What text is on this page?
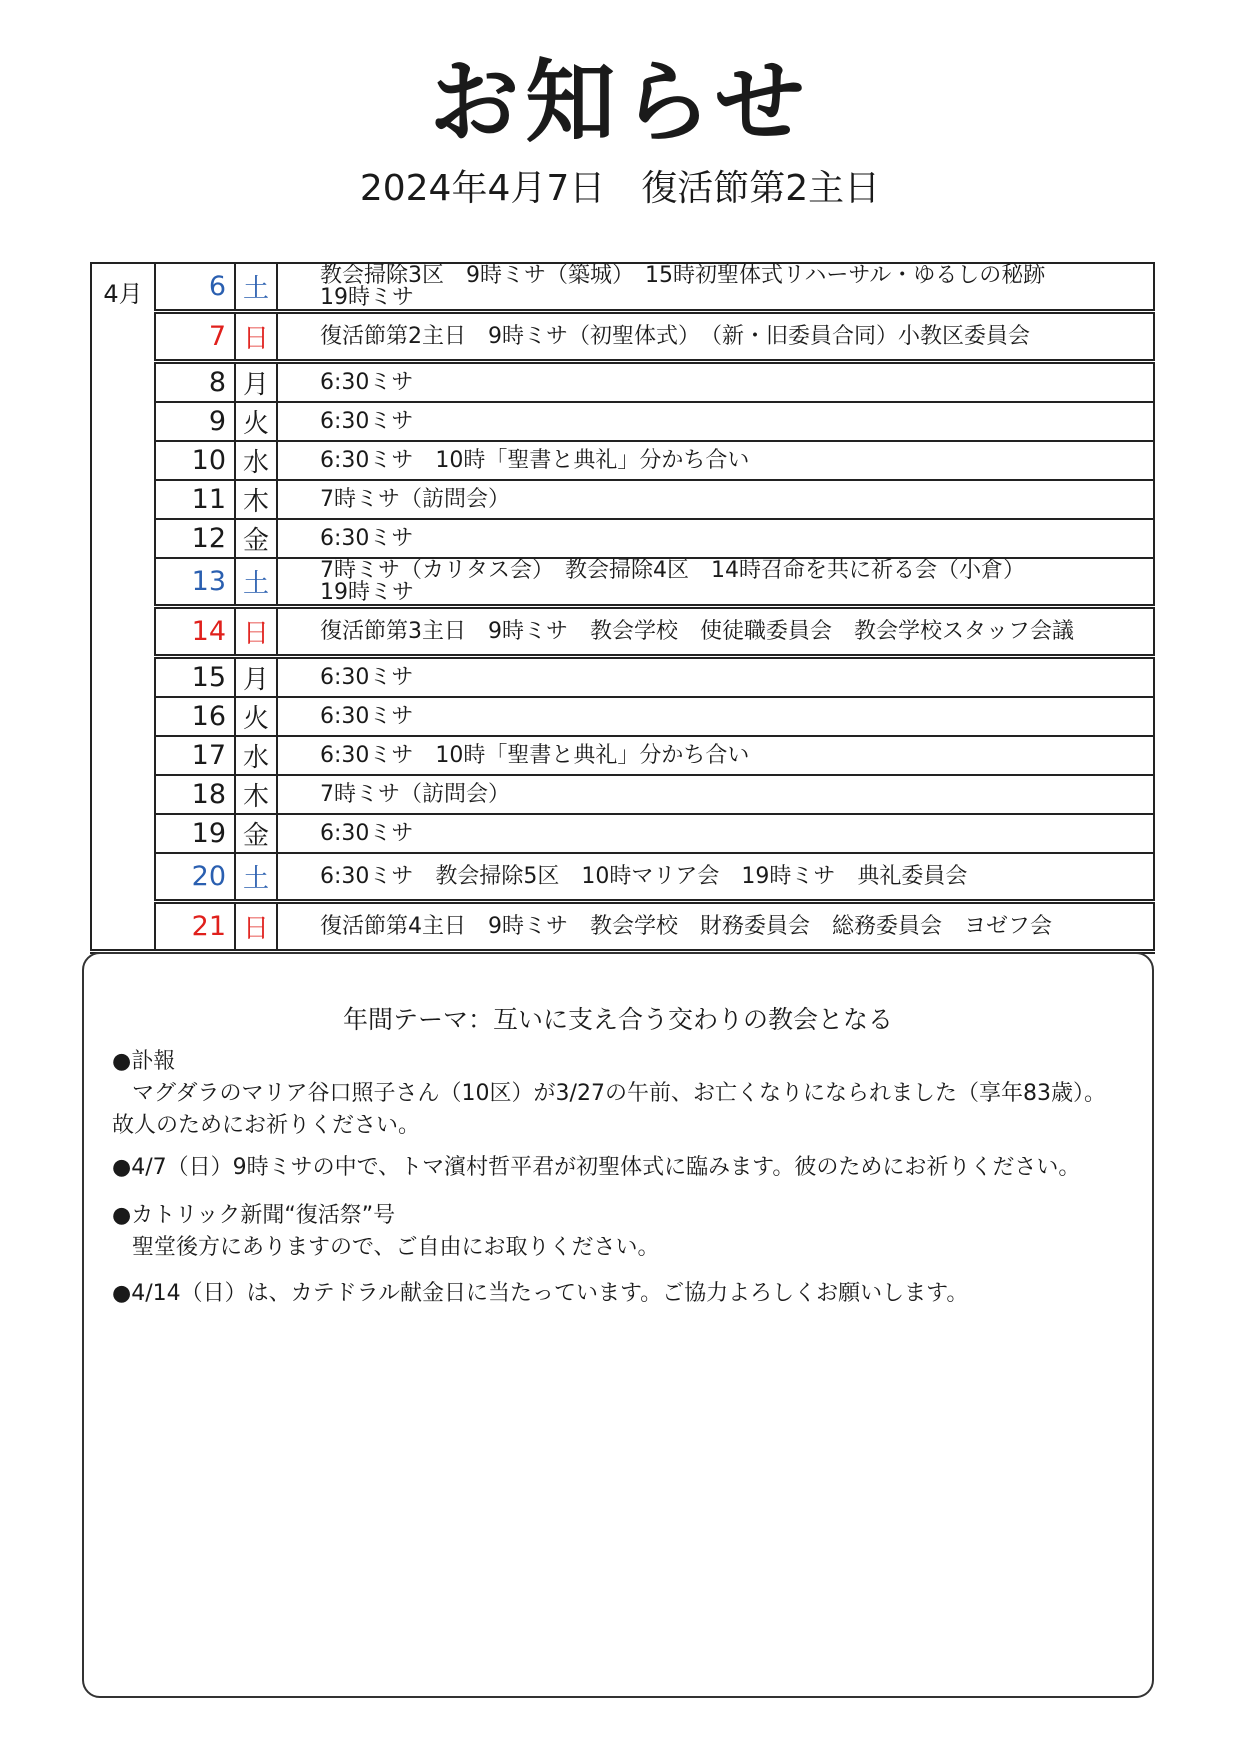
お知らせ
2024年4月7日　復活節第2主日
4月	6	土	教会掃除3区　9時ミサ（築城）　15時初聖体式リハーサル・ゆるしの秘跡
19時ミサ

	7	日	復活節第2主日　9時ミサ（初聖体式）　（新・旧委員合同）小教区委員会

	8	月	6:30ミサ

	9	火	6:30ミサ

	10	水	6:30ミサ　10時「聖書と典礼」分かち合い

	11	木	7時ミサ（訪問会）

	12	金	6:30ミサ

	13	土	7時ミサ（カリタス会）　教会掃除4区　14時召命を共に祈る会（小倉）
19時ミサ

	14	日	復活節第3主日　9時ミサ　教会学校　使徒職委員会　教会学校スタッフ会議

	15	月	6:30ミサ

	16	火	6:30ミサ

	17	水	6:30ミサ　10時「聖書と典礼」分かち合い

	18	木	7時ミサ（訪問会）

	19	金	6:30ミサ

	20	土	6:30ミサ　教会掃除5区　10時マリア会　19時ミサ　典礼委員会

	21	日	復活節第4主日　9時ミサ　教会学校　財務委員会　総務委員会　ヨゼフ会
年間テーマ：互いに支え合う交わりの教会となる
●訃報
マグダラのマリア谷口照子さん（10区）が3/27の午前、お亡くなりになられました（享年83歳）。
故人のためにお祈りください。
●4/7（日）9時ミサの中で、トマ濱村哲平君が初聖体式に臨みます。彼のためにお祈りください。
●カトリック新聞“復活祭”号
聖堂後方にありますので、ご自由にお取りください。
●4/14（日）は、カテドラル献金日に当たっています。ご協力よろしくお願いします。
